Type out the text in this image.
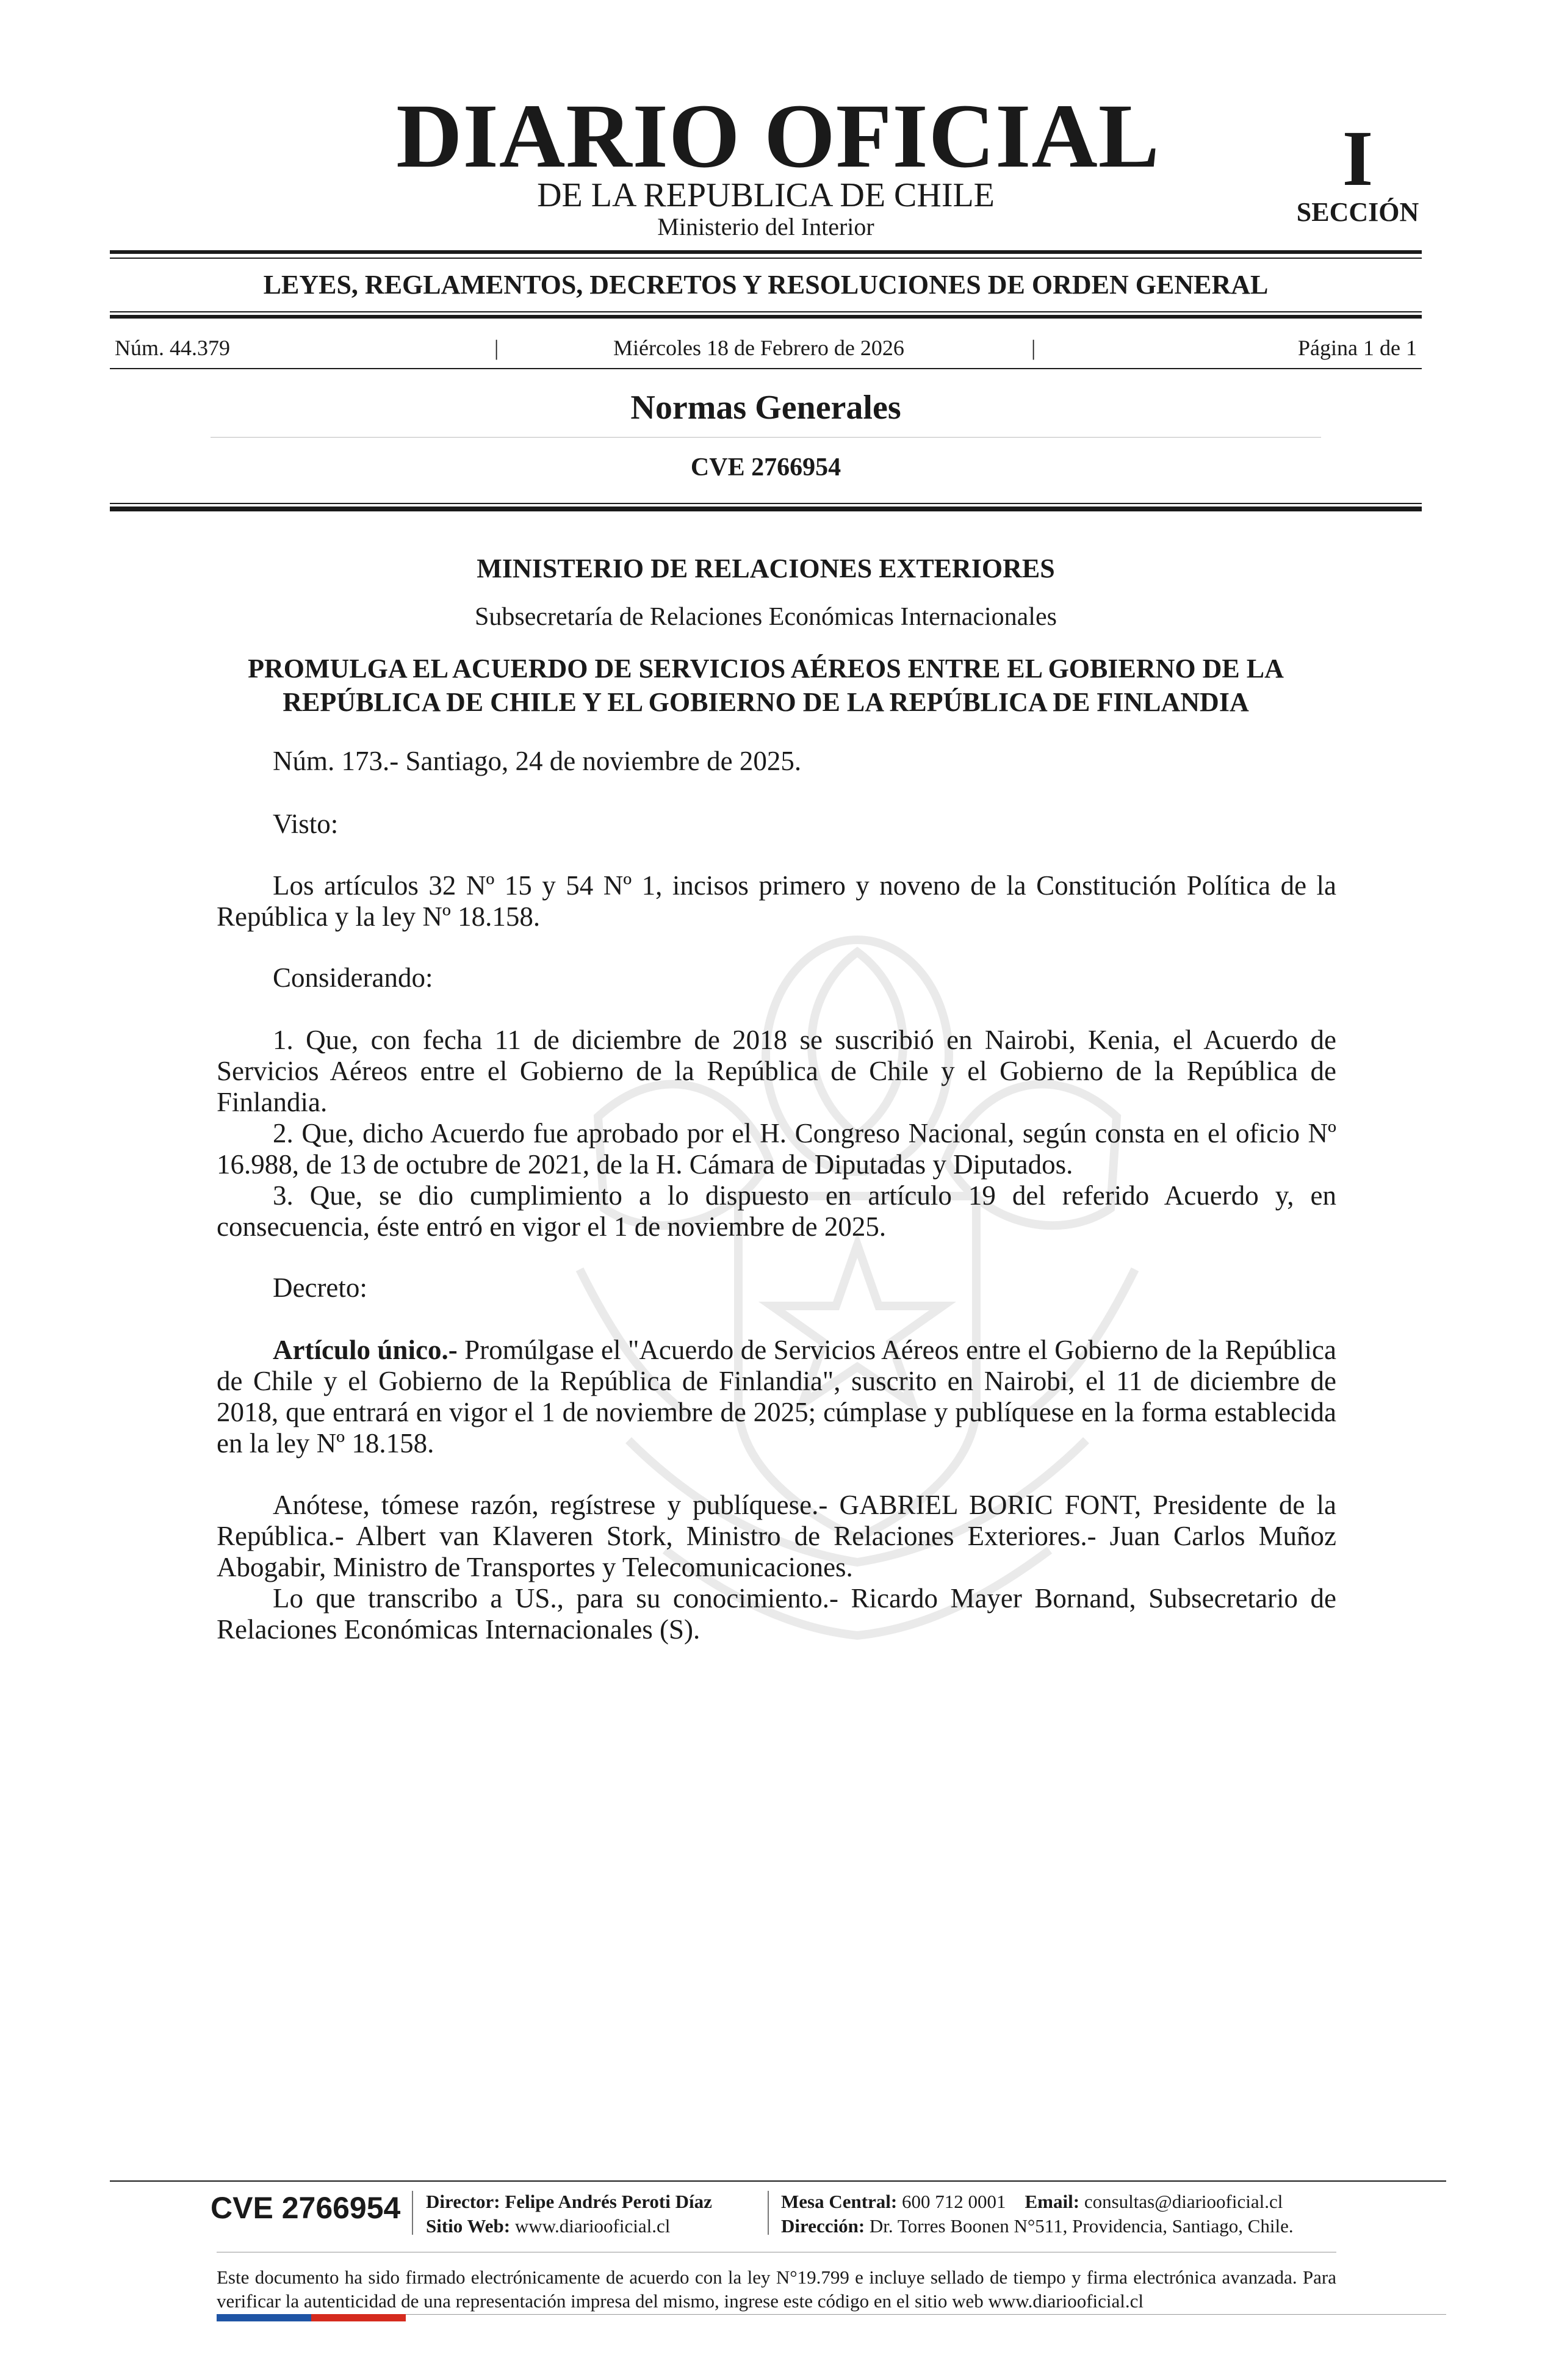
DIARIO OFICIAL
DE LA REPUBLICA DE CHILE
Ministerio del Interior
I
SECCIÓN
LEYES, REGLAMENTOS, DECRETOS Y RESOLUCIONES DE ORDEN GENERAL
Núm. 44.379	|	Miércoles 18 de Febrero de 2026	|	Página 1 de 1
Normas Generales
CVE 2766954
MINISTERIO DE RELACIONES EXTERIORES
Subsecretaría de Relaciones Económicas Internacionales
PROMULGA EL ACUERDO DE SERVICIOS AÉREOS ENTRE EL GOBIERNO DE LA REPÚBLICA DE CHILE Y EL GOBIERNO DE LA REPÚBLICA DE FINLANDIA
Núm. 173.- Santiago, 24 de noviembre de 2025.
Visto:
Los artículos 32 Nº 15 y 54 Nº 1, incisos primero y noveno de la Constitución Política de la República y la ley Nº 18.158.
Considerando:
1. Que, con fecha 11 de diciembre de 2018 se suscribió en Nairobi, Kenia, el Acuerdo de Servicios Aéreos entre el Gobierno de la República de Chile y el Gobierno de la República de Finlandia.
2. Que, dicho Acuerdo fue aprobado por el H. Congreso Nacional, según consta en el oficio Nº 16.988, de 13 de octubre de 2021, de la H. Cámara de Diputadas y Diputados.
3. Que, se dio cumplimiento a lo dispuesto en artículo 19 del referido Acuerdo y, en consecuencia, éste entró en vigor el 1 de noviembre de 2025.
Decreto:
Artículo único.- Promúlgase el "Acuerdo de Servicios Aéreos entre el Gobierno de la República de Chile y el Gobierno de la República de Finlandia", suscrito en Nairobi, el 11 de diciembre de 2018, que entrará en vigor el 1 de noviembre de 2025; cúmplase y publíquese en la forma establecida en la ley Nº 18.158.
Anótese, tómese razón, regístrese y publíquese.- GABRIEL BORIC FONT, Presidente de la República.- Albert van Klaveren Stork, Ministro de Relaciones Exteriores.- Juan Carlos Muñoz Abogabir, Ministro de Transportes y Telecomunicaciones.
Lo que transcribo a US., para su conocimiento.- Ricardo Mayer Bornand, Subsecretario de Relaciones Económicas Internacionales (S).
CVE 2766954 Director: Felipe Andrés Peroti Díaz
Sitio Web: www.diariooficial.cl
Mesa Central: 600 712 0001 Email: consultas@diariooficial.cl
Dirección: Dr. Torres Boonen N°511, Providencia, Santiago, Chile.
Este documento ha sido firmado electrónicamente de acuerdo con la ley N°19.799 e incluye sellado de tiempo y firma electrónica avanzada. Para verificar la autenticidad de una representación impresa del mismo, ingrese este código en el sitio web www.diariooficial.cl
